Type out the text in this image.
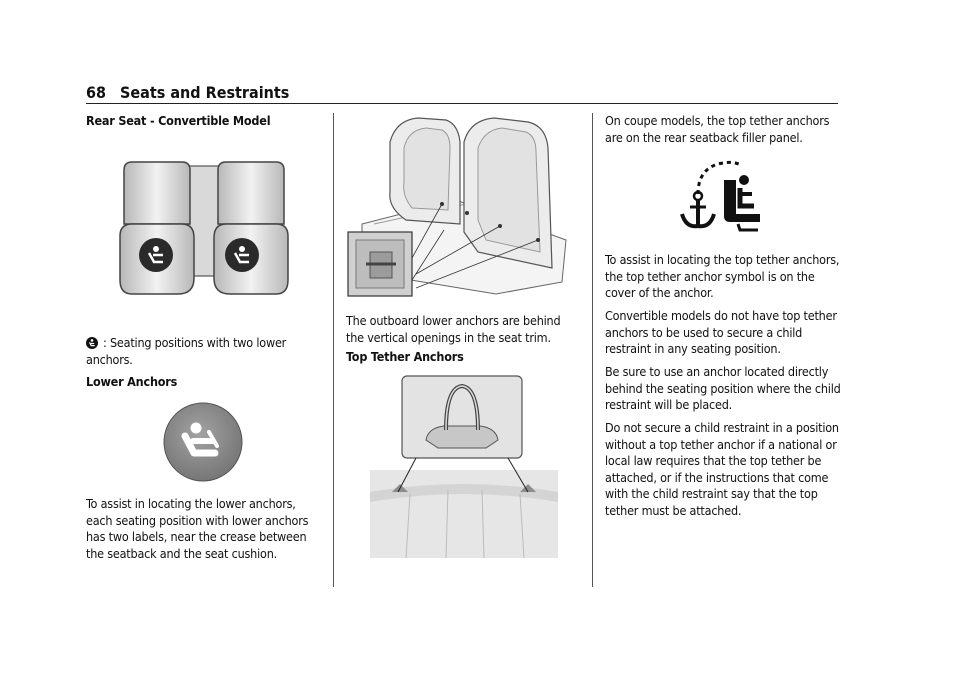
68 Seats and Restraints
Rear Seat - Convertible Model
: Seating positions with two lower anchors.
Lower Anchors
To assist in locating the lower anchors, each seating position with lower anchors has two labels, near the crease between the seatback and the seat cushion.
The outboard lower anchors are behind the vertical openings in the seat trim.
Top Tether Anchors
On coupe models, the top tether anchors are on the rear seatback filler panel.
To assist in locating the top tether anchors, the top tether anchor symbol is on the cover of the anchor.
Convertible models do not have top tether anchors to be used to secure a child restraint in any seating position.
Be sure to use an anchor located directly behind the seating position where the child restraint will be placed.
Do not secure a child restraint in a position without a top tether anchor if a national or local law requires that the top tether be attached, or if the instructions that come with the child restraint say that the top tether must be attached.
